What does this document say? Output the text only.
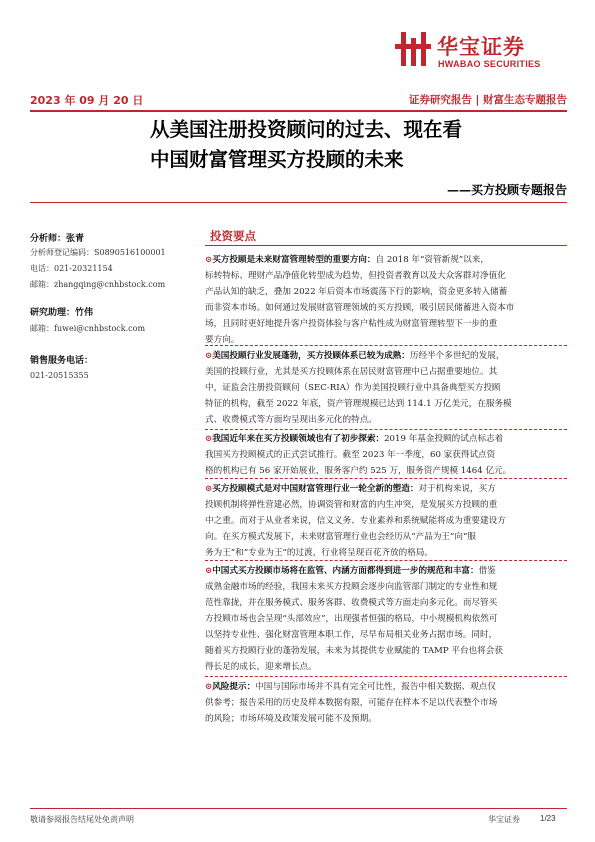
华宝证券
HWABAO SECURITIES
2023 年 09 月 20 日	证券研究报告 | 财富生态专题报告
从美国注册投资顾问的过去、现在看
中国财富管理买方投顾的未来
——买方投顾专题报告
分析师：张青
分析师登记编码：S0890516100001
电话：021-20321154
邮箱：zhangqing@cnhbstock.com
研究助理：竹伟
邮箱：fuwei@cnhbstock.com
销售服务电话：
021-20515355
投资要点
⊙买方投顾是未来财富管理转型的重要方向：自 2018 年“资管新规”以来，
标转特标、理财产品净值化转型成为趋势，但投资者教育以及大众客群对净值化
产品认知的缺乏，叠加 2022 年后资本市场震荡下行的影响，资金更多转入储蓄
而非资本市场。如何通过发展财富管理领域的买方投顾，吸引居民储蓄进入资本市
场，且同时更好地提升客户投资体验与客户粘性成为财富管理转型下一步的重
要方向。
⊙美国投顾行业发展蓬勃，买方投顾体系已较为成熟：历经半个多世纪的发展，
美国的投顾行业，尤其是买方投顾体系在居民财富管理中已占据重要地位。其
中，证监会注册投资顾问（SEC-RIA）作为美国投顾行业中具备典型买方投顾
特征的机构，截至 2022 年底，资产管理规模已达到 114.1 万亿美元，在服务模
式、收费模式等方面均呈现出多元化的特点。
⊙我国近年来在买方投顾领域也有了初步探索：2019 年基金投顾的试点标志着
我国买方投顾模式的正式尝试推行。截至 2023 年一季度，60 家获得试点资
格的机构已有 56 家开始展业，服务客户约 525 万，服务资产规模 1464 亿元。
⊙买方投顾模式是对中国财富管理行业一轮全新的塑造：对于机构来说，买方
投顾机制将弹性营建必然，协调资管和财富的内生冲突，是发展买方投顾的重
中之重。而对于从业者来说，信义义务、专业素养和系统赋能将成为重要建设方
向。在买方模式发展下，未来财富管理行业也会经历从“产品为王”向“服
务为王”和“专业为王”的过渡，行业将呈现百花齐放的格局。
⊙中国式买方投顾市场将在监管、内涵方面都得到进一步的规范和丰富：借鉴
成熟金融市场的经验，我国未来买方投顾会逐步向监管部门制定的专业性和规
范性靠拢，并在服务模式、服务客群、收费模式等方面走向多元化。而尽管买
方投顾市场也会呈现“头部效应”，出现强者恒强的格局，中小规模机构依然可
以坚持专业性、强化财富管理本职工作，尽早布局相关业务占据市场。同时，
随着买方投顾行业的蓬勃发展，未来为其提供专业赋能的 TAMP 平台也将会获
得长足的成长，迎来增长点。
⊙风险提示：中国与国际市场并不具有完全可比性，报告中相关数据、观点仅
供参考；报告采用的历史及样本数据有限，可能存在样本不足以代表整个市场
的风险；市场环境及政策发展可能不及预期。
敬请参阅报告结尾处免责声明	华宝证券	1/23
